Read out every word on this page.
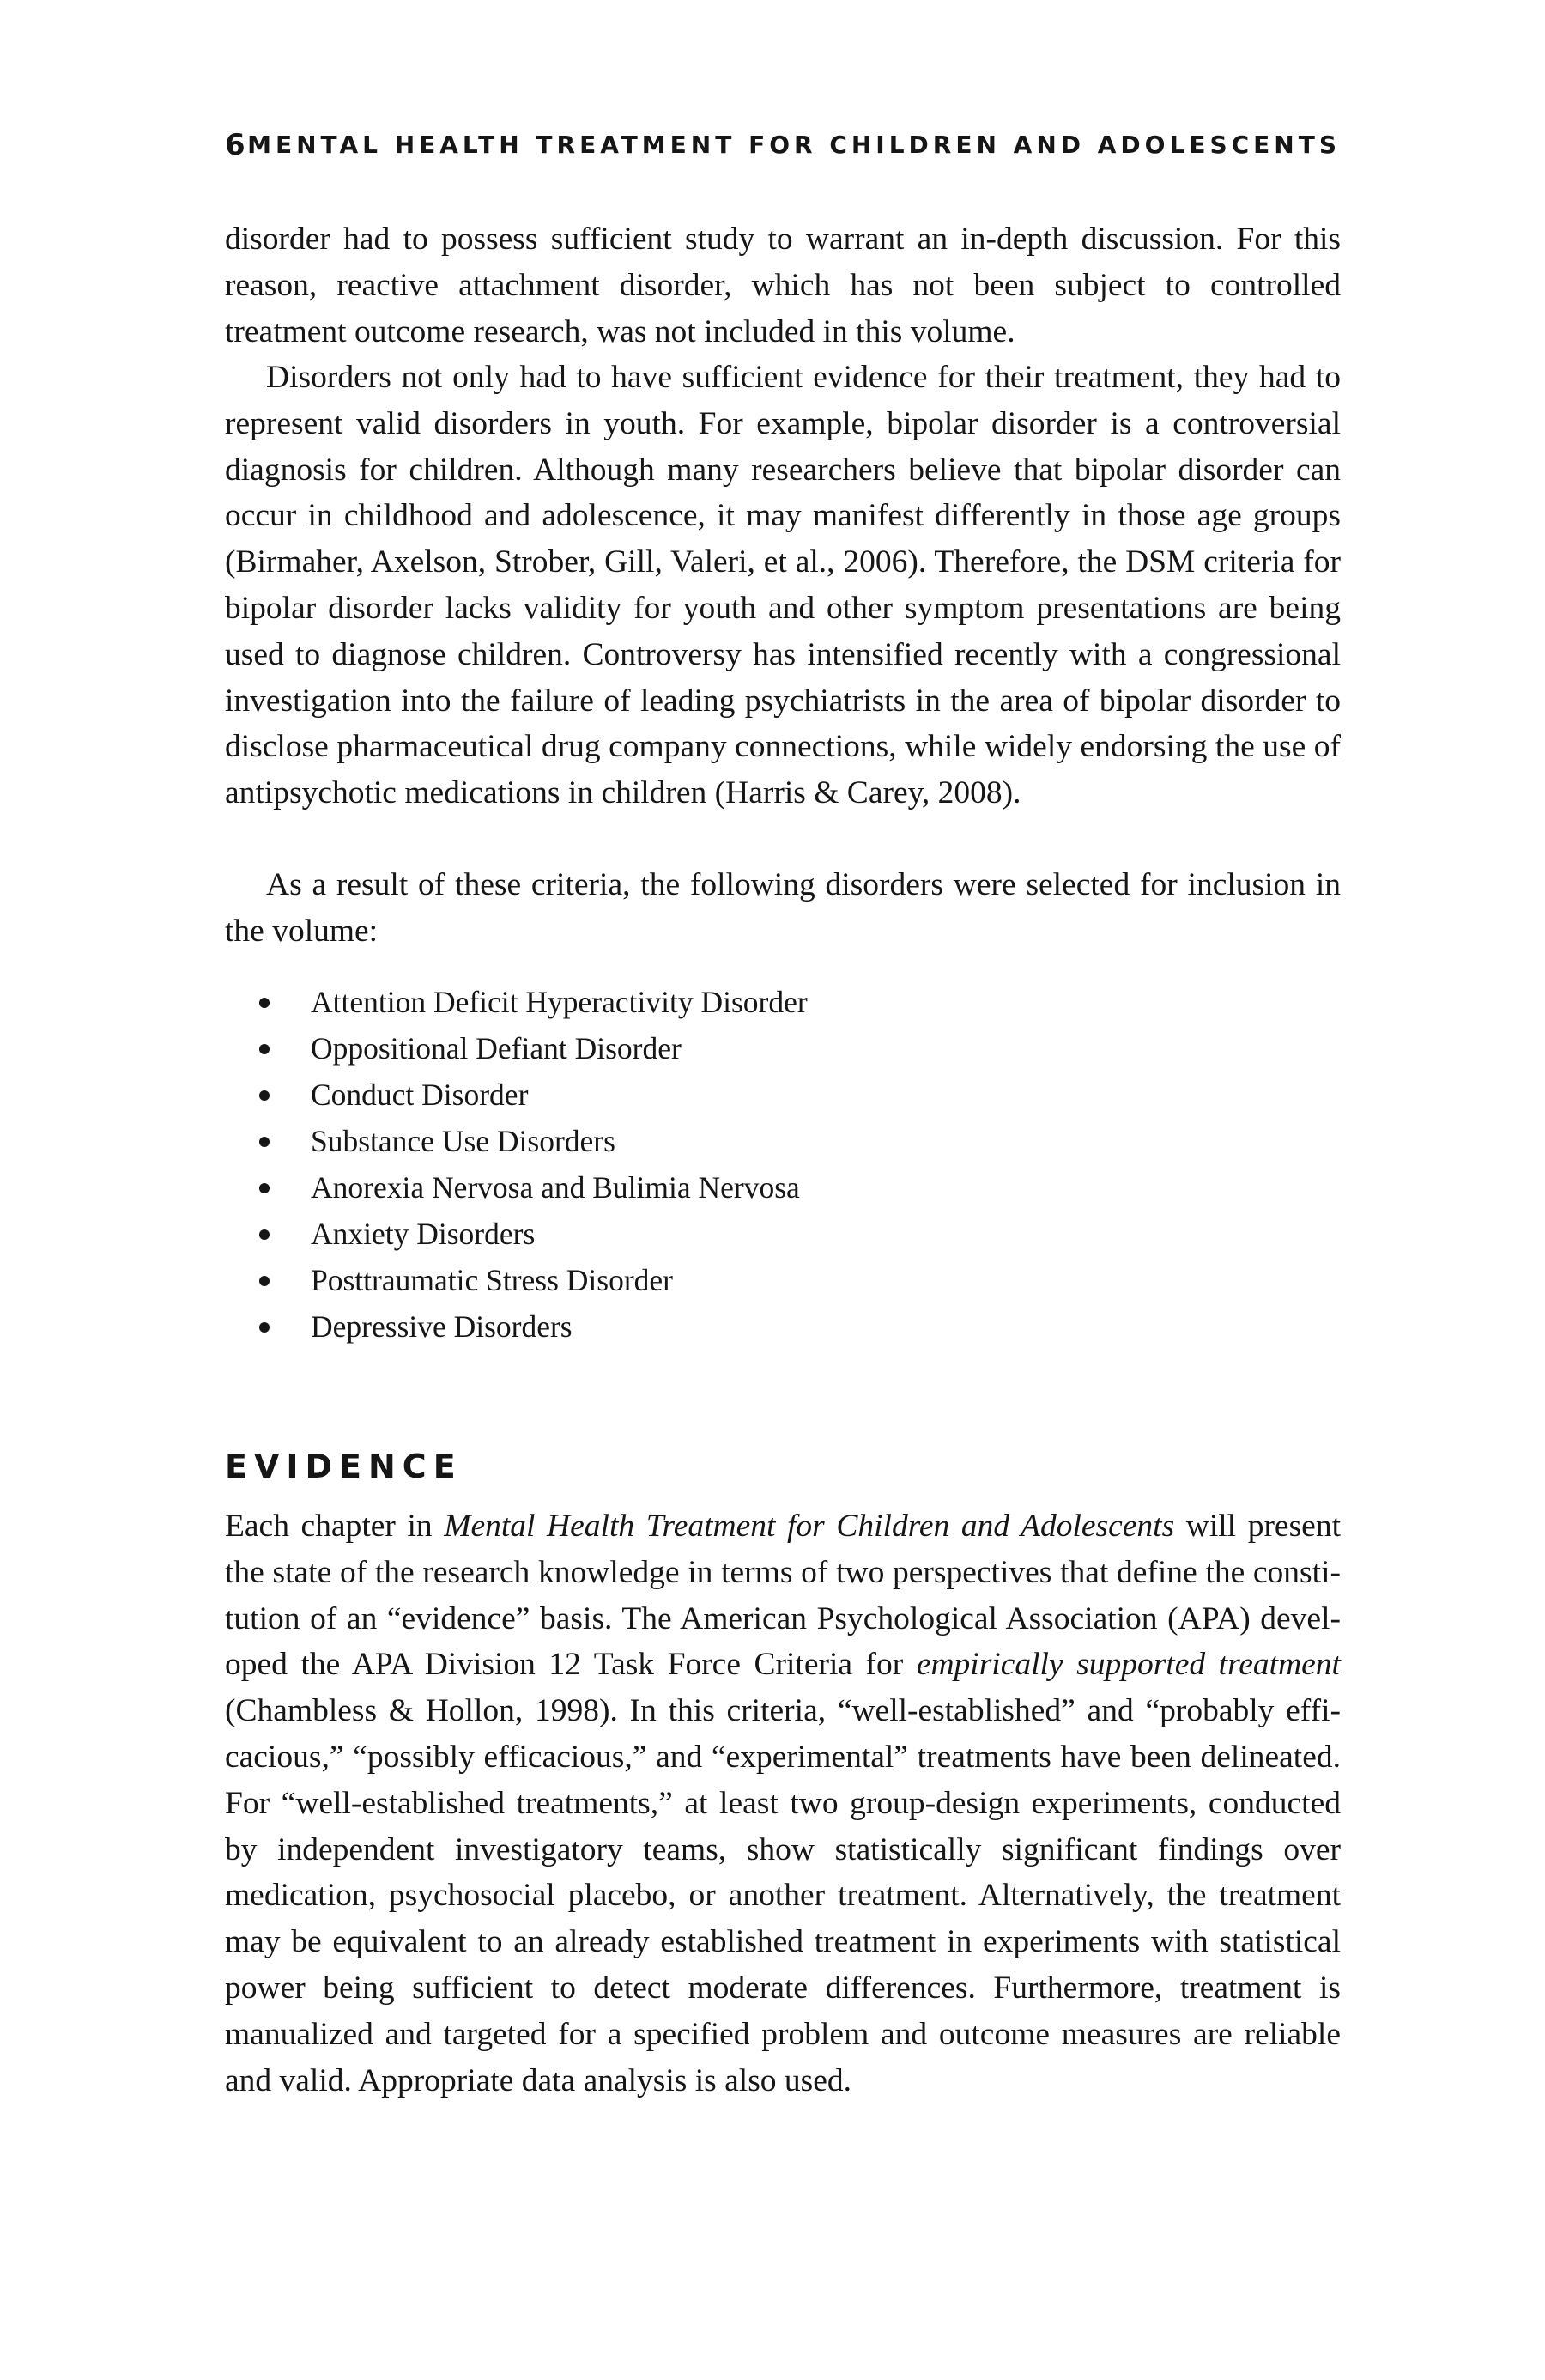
6 MENTAL HEALTH TREATMENT FOR CHILDREN AND ADOLESCENTS

disorder had to possess sufficient study to warrant an in-depth discussion. For this reason, reactive attachment disorder, which has not been subject to controlled treatment outcome research, was not included in this volume.

Disorders not only had to have sufficient evidence for their treatment, they had to represent valid disorders in youth. For example, bipolar disorder is a controversial diagnosis for children. Although many researchers believe that bipolar disorder can occur in childhood and adolescence, it may manifest differently in those age groups (Birmaher, Axelson, Strober, Gill, Valeri, et al., 2006). Therefore, the DSM criteria for bipolar disorder lacks validity for youth and other symptom presentations are being used to diagnose children. Controversy has intensified recently with a congressional investigation into the failure of leading psychiatrists in the area of bipolar disorder to disclose pharmaceutical drug company connections, while widely endorsing the use of antipsychotic medications in children (Harris & Carey, 2008).

As a result of these criteria, the following disorders were selected for inclusion in the volume:

Attention Deficit Hyperactivity Disorder
Oppositional Defiant Disorder
Conduct Disorder
Substance Use Disorders
Anorexia Nervosa and Bulimia Nervosa
Anxiety Disorders
Posttraumatic Stress Disorder
Depressive Disorders
EVIDENCE

Each chapter in Mental Health Treatment for Children and Adolescents will present the state of the research knowledge in terms of two perspectives that define the constitution of an “evidence” basis. The American Psychological Association (APA) developed the APA Division 12 Task Force Criteria for empirically supported treatment (Chambless & Hollon, 1998). In this criteria, “well-established” and “probably efficacious,” “possibly efficacious,” and “experimental” treatments have been delineated. For “well-established treatments,” at least two group-design experiments, conducted by independent investigatory teams, show statistically significant findings over medication, psychosocial placebo, or another treatment. Alternatively, the treatment may be equivalent to an already established treatment in experiments with statistical power being sufficient to detect moderate differences. Furthermore, treatment is manualized and targeted for a specified problem and outcome measures are reliable and valid. Appropriate data analysis is also used.
